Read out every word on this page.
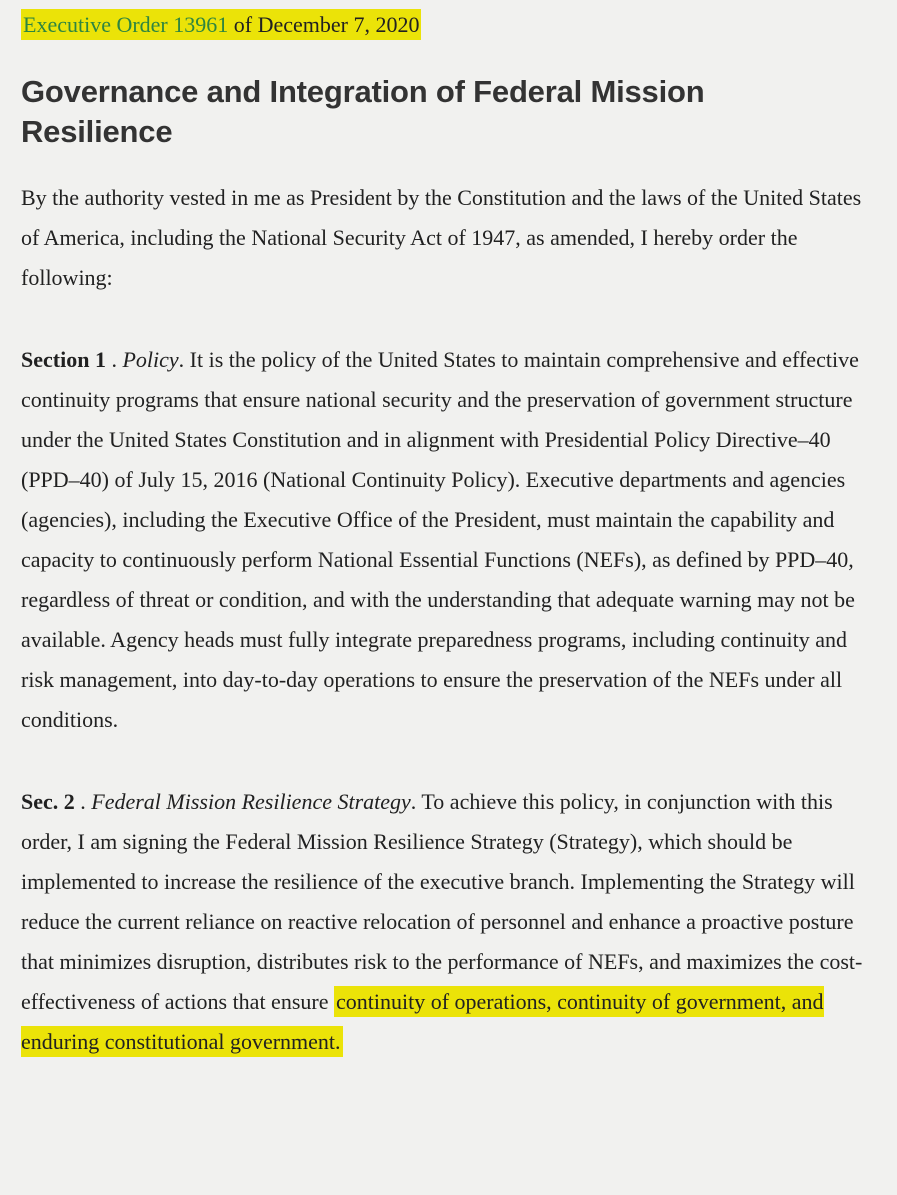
Executive Order 13961 of December 7, 2020

Governance and Integration of Federal Mission Resilience

By the authority vested in me as President by the Constitution and the laws of the United States of America, including the National Security Act of 1947, as amended, I hereby order the following:

Section 1 . Policy. It is the policy of the United States to maintain comprehensive and effective continuity programs that ensure national security and the preservation of government structure under the United States Constitution and in alignment with Presidential Policy Directive–40 (PPD–40) of July 15, 2016 (National Continuity Policy). Executive departments and agencies (agencies), including the Executive Office of the President, must maintain the capability and capacity to continuously perform National Essential Functions (NEFs), as defined by PPD–40, regardless of threat or condition, and with the understanding that adequate warning may not be available. Agency heads must fully integrate preparedness programs, including continuity and risk management, into day-to-day operations to ensure the preservation of the NEFs under all conditions.

Sec. 2 . Federal Mission Resilience Strategy. To achieve this policy, in conjunction with this order, I am signing the Federal Mission Resilience Strategy (Strategy), which should be implemented to increase the resilience of the executive branch. Implementing the Strategy will reduce the current reliance on reactive relocation of personnel and enhance a proactive posture that minimizes disruption, distributes risk to the performance of NEFs, and maximizes the cost-effectiveness of actions that ensure continuity of operations, continuity of government, and enduring constitutional government.
